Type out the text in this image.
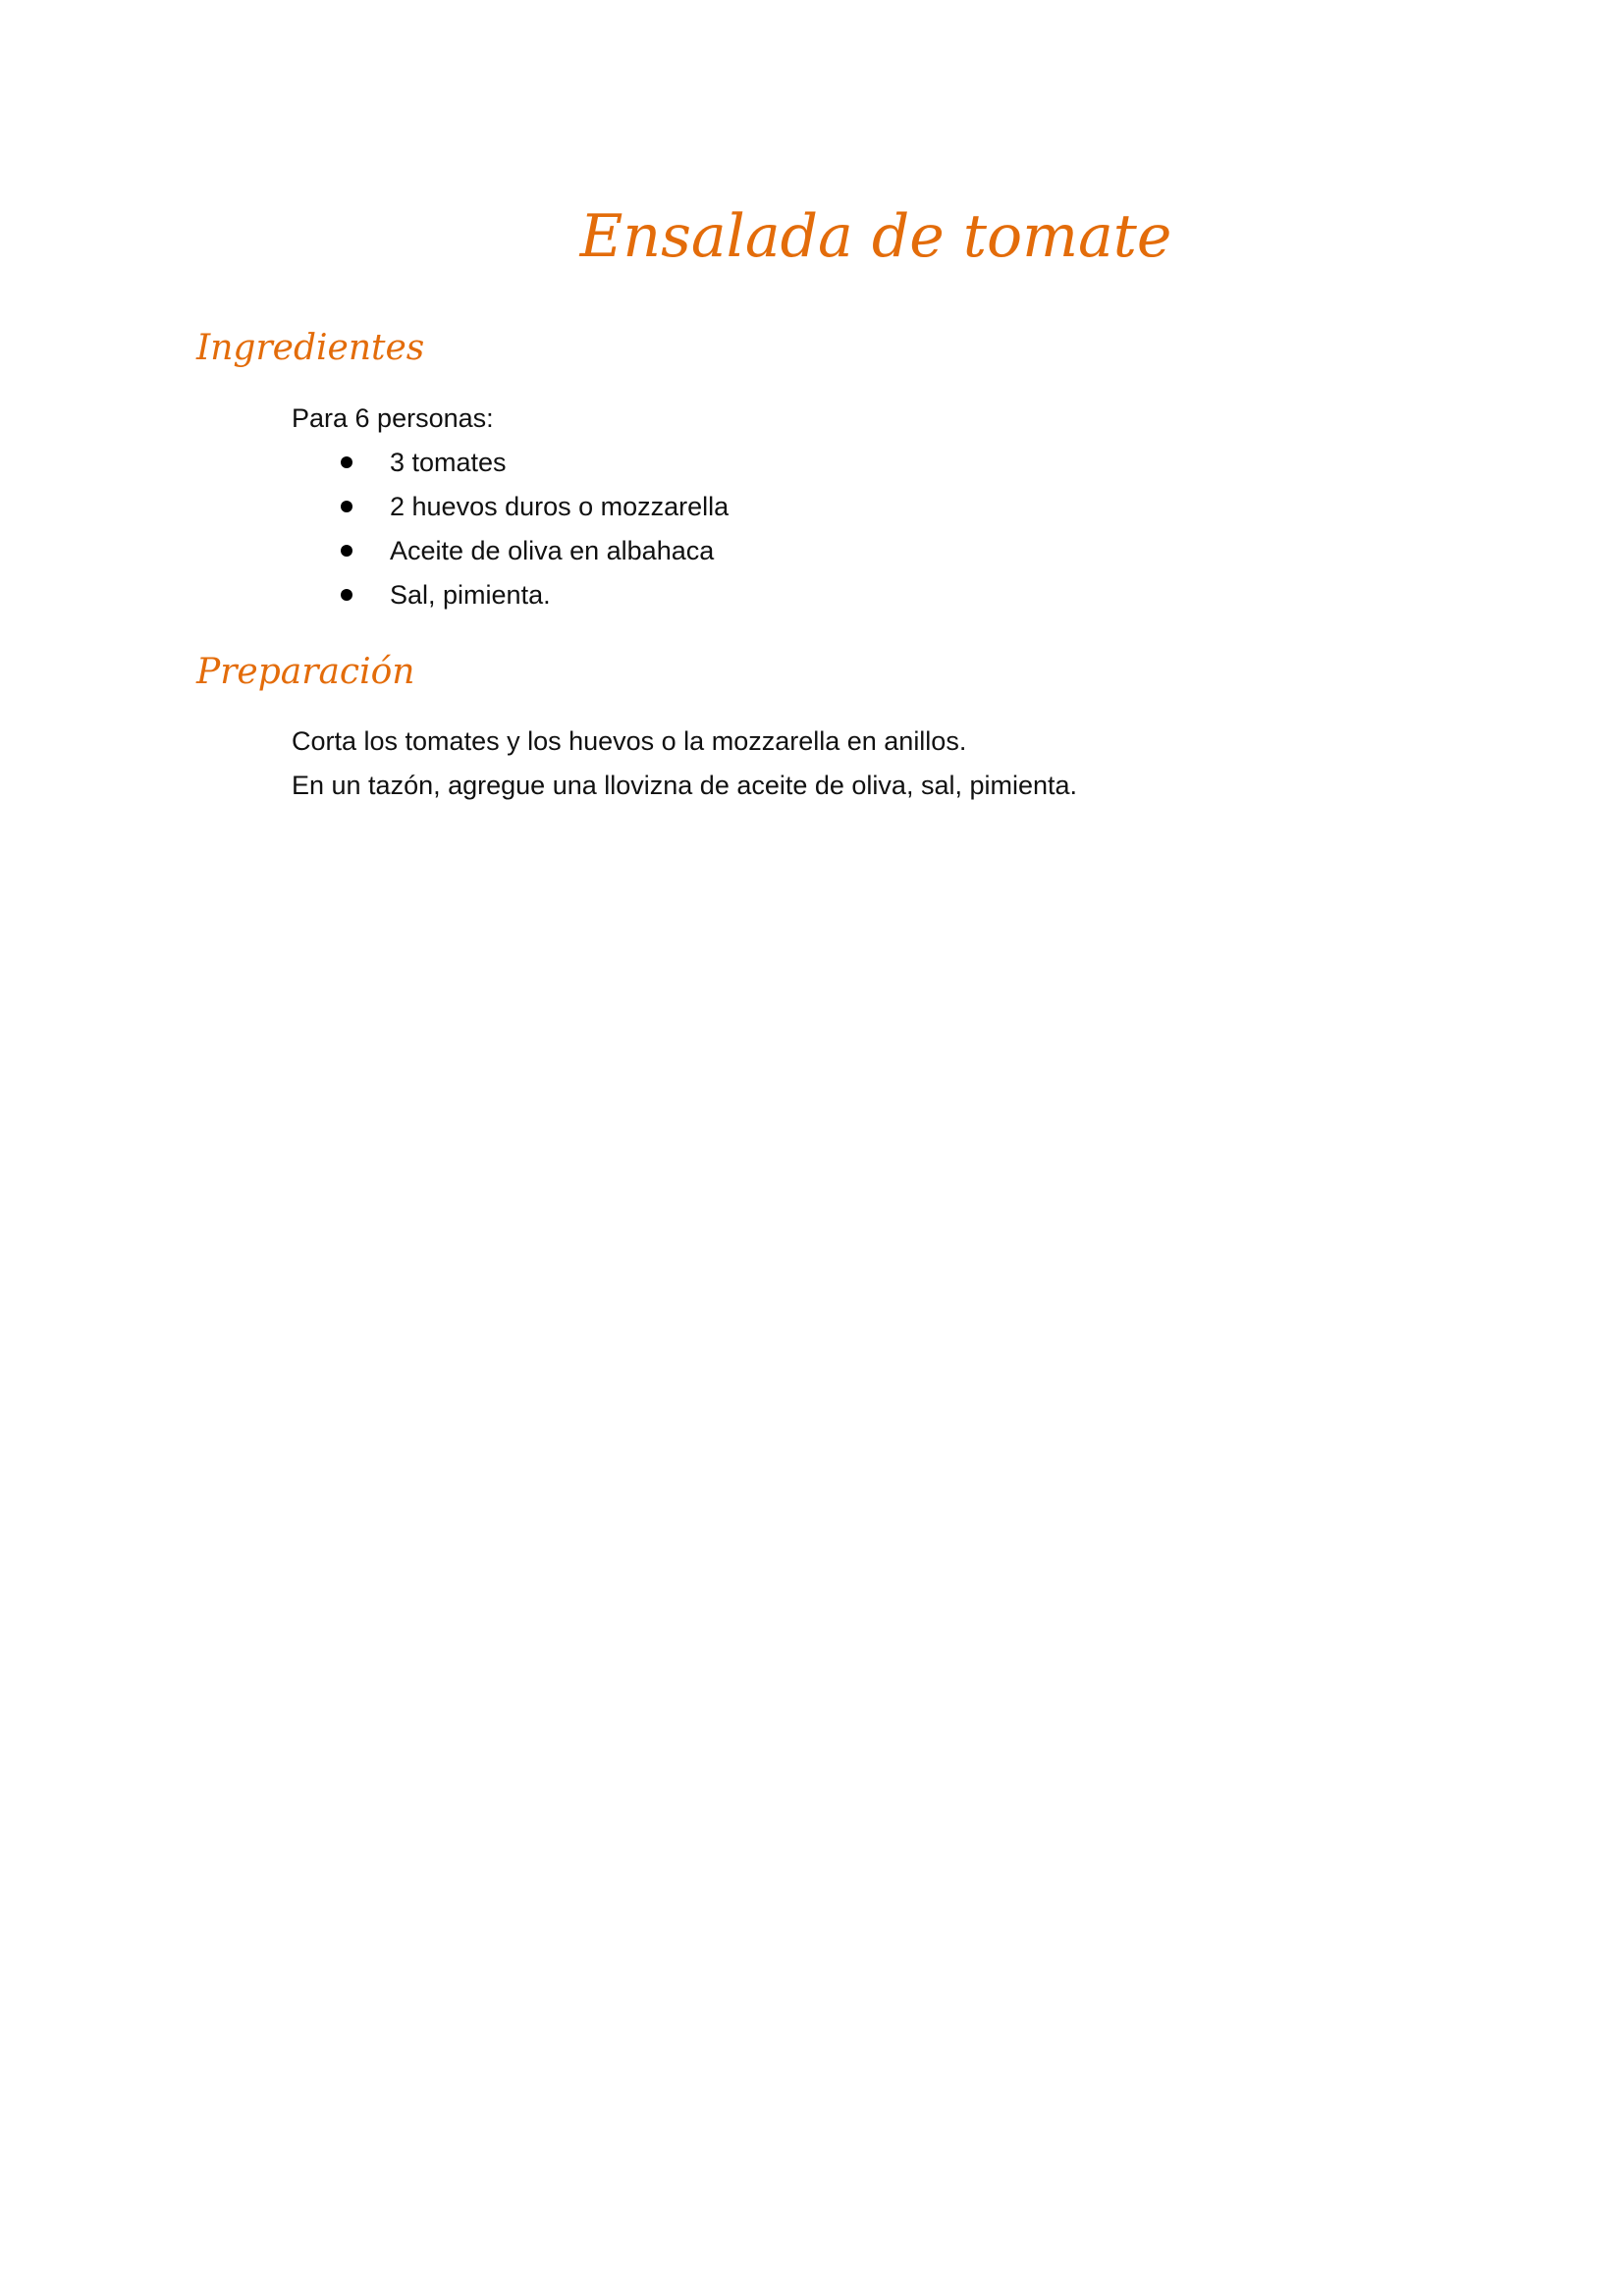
Ensalada de tomate
Ingredientes

Para 6 personas:

3 tomates
2 huevos duros o mozzarella
Aceite de oliva en albahaca
Sal, pimienta.
Preparación
Corta los tomates y los huevos o la mozzarella en anillos.
En un tazón, agregue una llovizna de aceite de oliva, sal, pimienta.
